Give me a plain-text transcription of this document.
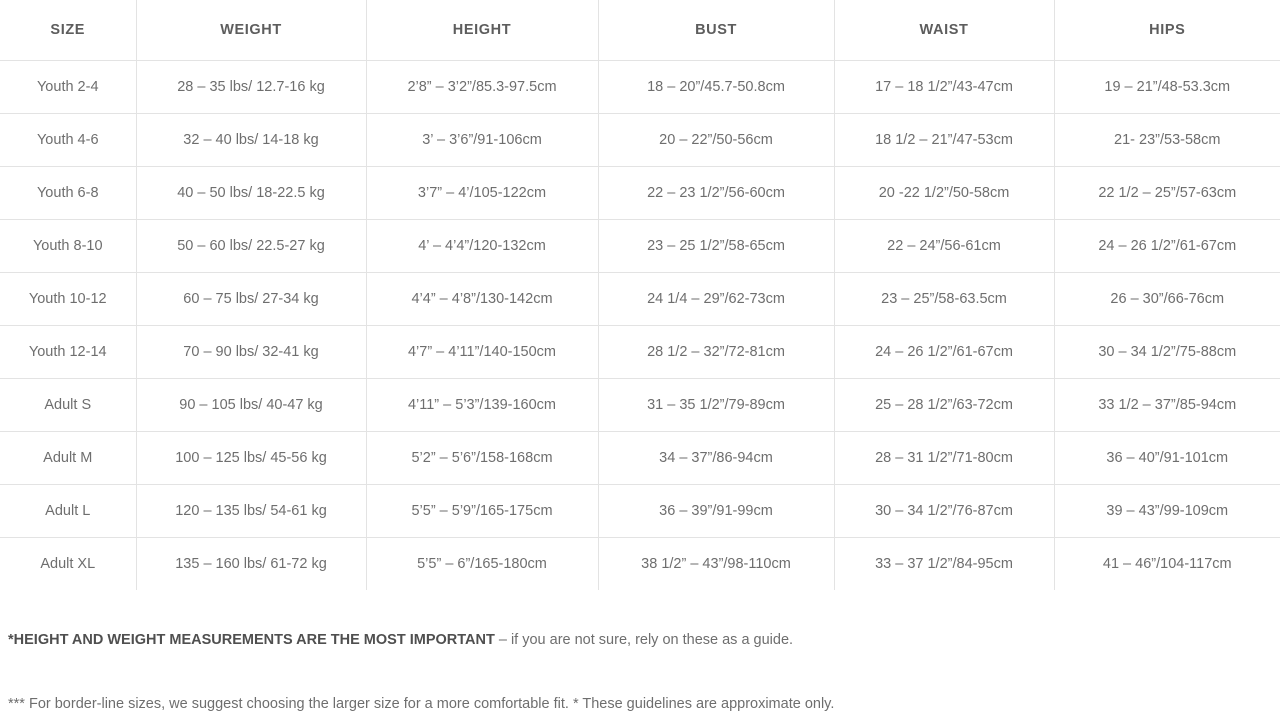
SIZE	WEIGHT	HEIGHT	BUST	WAIST	HIPS
Youth 2-4	28 – 35 lbs/ 12.7-16 kg	2’8” – 3’2”/85.3-97.5cm	18 – 20”/45.7-50.8cm	17 – 18 1/2”/43-47cm	19 – 21”/48-53.3cm
Youth 4-6	32 – 40 lbs/ 14-18 kg	3’ – 3’6”/91-106cm	20 – 22”/50-56cm	18 1/2 – 21”/47-53cm	21- 23”/53-58cm
Youth 6-8	40 – 50 lbs/ 18-22.5 kg	3’7” – 4’/105-122cm	22 – 23 1/2”/56-60cm	20 -22 1/2”/50-58cm	22 1/2 – 25”/57-63cm
Youth 8-10	50 – 60 lbs/ 22.5-27 kg	4’ – 4’4”/120-132cm	23 – 25 1/2”/58-65cm	22 – 24”/56-61cm	24 – 26 1/2”/61-67cm
Youth 10-12	60 – 75 lbs/ 27-34 kg	4’4” – 4’8”/130-142cm	24 1/4 – 29”/62-73cm	23 – 25”/58-63.5cm	26 – 30”/66-76cm
Youth 12-14	70 – 90 lbs/ 32-41 kg	4’7” – 4’11”/140-150cm	28 1/2 – 32”/72-81cm	24 – 26 1/2”/61-67cm	30 – 34 1/2”/75-88cm
Adult S	90 – 105 lbs/ 40-47 kg	4’11” – 5’3”/139-160cm	31 – 35 1/2”/79-89cm	25 – 28 1/2”/63-72cm	33 1/2 – 37”/85-94cm
Adult M	100 – 125 lbs/ 45-56 kg	5’2” – 5’6”/158-168cm	34 – 37”/86-94cm	28 – 31 1/2”/71-80cm	36 – 40”/91-101cm
Adult L	120 – 135 lbs/ 54-61 kg	5’5” – 5’9”/165-175cm	36 – 39”/91-99cm	30 – 34 1/2”/76-87cm	39 – 43”/99-109cm
Adult XL	135 – 160 lbs/ 61-72 kg	5’5” – 6”/165-180cm	38 1/2” – 43”/98-110cm	33 – 37 1/2”/84-95cm	41 – 46”/104-117cm

*HEIGHT AND WEIGHT MEASUREMENTS ARE THE MOST IMPORTANT – if you are not sure, rely on these as a guide.

*** For border-line sizes, we suggest choosing the larger size for a more comfortable fit. * These guidelines are approximate only.
